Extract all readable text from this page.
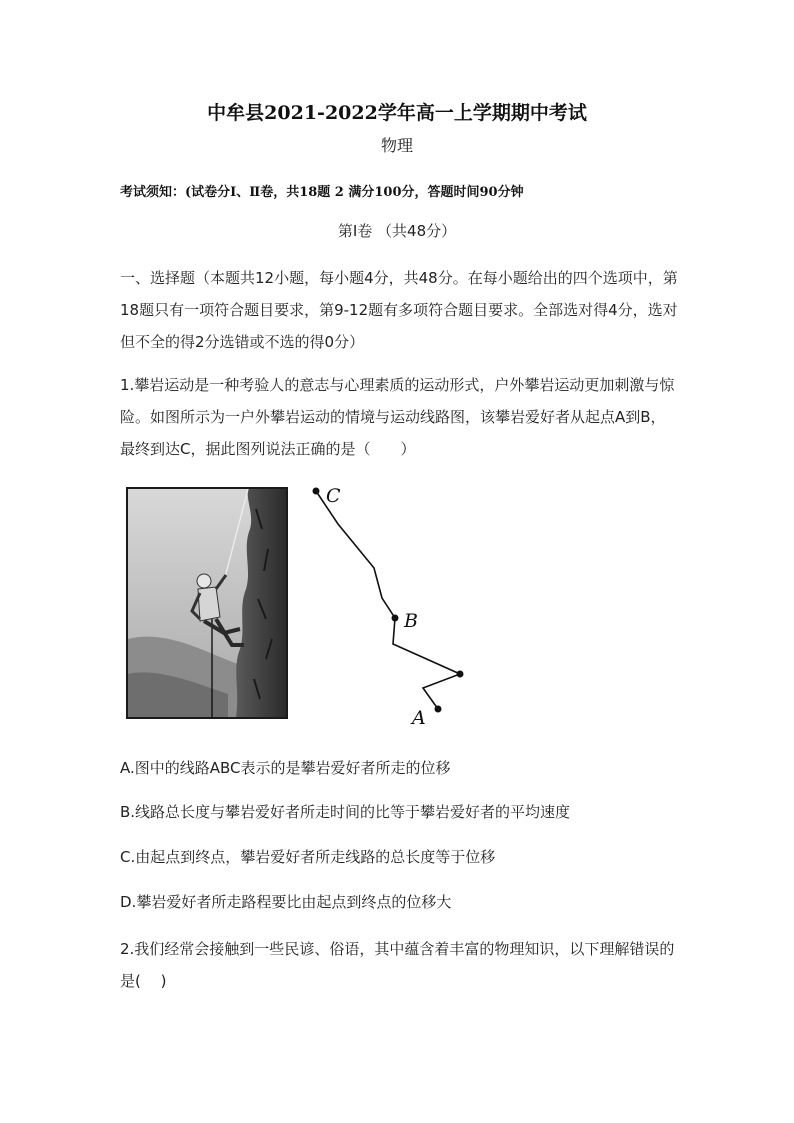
中牟县2021-2022学年高一上学期期中考试
物理
考试须知：(试卷分Ⅰ、Ⅱ卷，共18题 2 满分100分，答题时间90分钟
第Ⅰ卷 （共48分）
一、选择题（本题共12小题，每小题4分，共48分。在每小题给出的四个选项中，第18题只有一项符合题目要求，第9-12题有多项符合题目要求。全部选对得4分，选对但不全的得2分选错或不选的得0分）
1.攀岩运动是一种考验人的意志与心理素质的运动形式，户外攀岩运动更加刺激与惊险。如图所示为一户外攀岩运动的情境与运动线路图，该攀岩爱好者从起点A到B，最终到达C，据此图列说法正确的是（　　）
C
B
A
A.图中的线路ABC表示的是攀岩爱好者所走的位移
B.线路总长度与攀岩爱好者所走时间的比等于攀岩爱好者的平均速度
C.由起点到终点，攀岩爱好者所走线路的总长度等于位移
D.攀岩爱好者所走路程要比由起点到终点的位移大
2.我们经常会接触到一些民谚、俗语，其中蕴含着丰富的物理知识，以下理解错误的是(　 )
